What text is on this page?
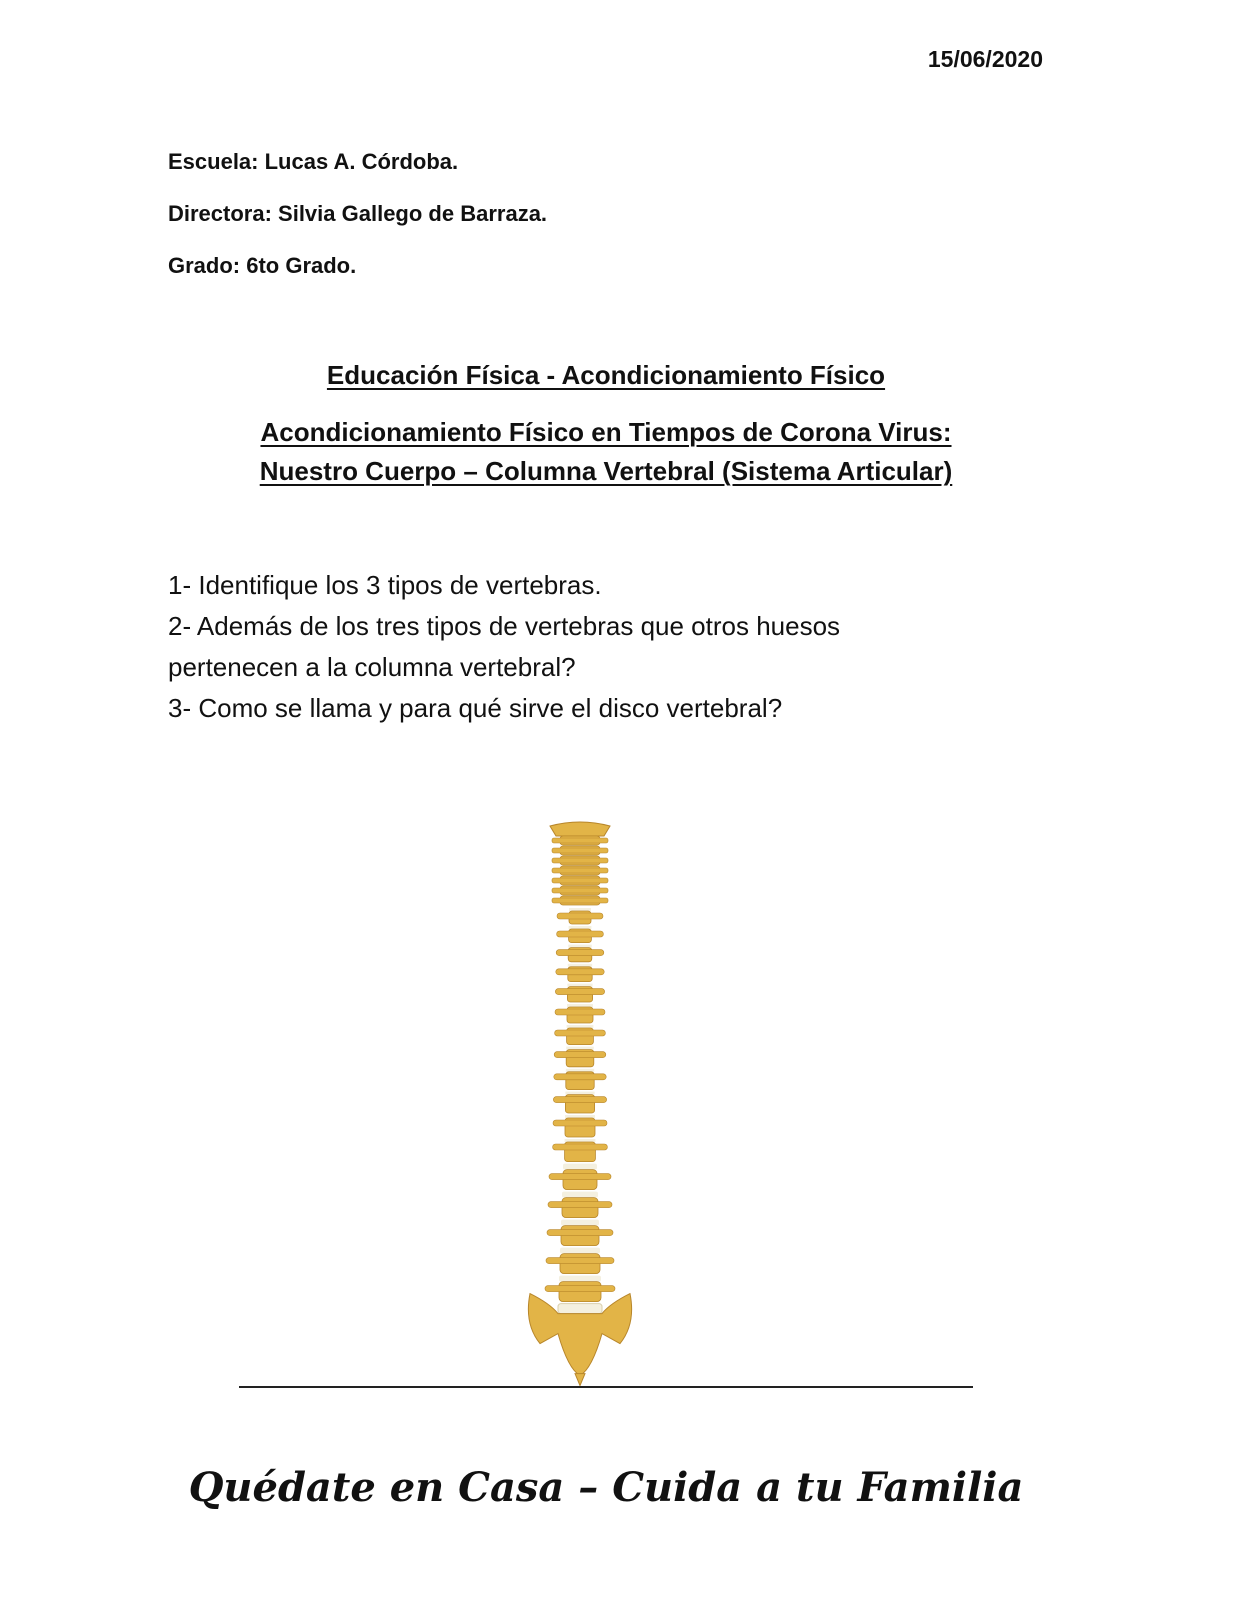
15/06/2020
Escuela: Lucas A. Córdoba.
Directora: Silvia Gallego de Barraza.
Grado: 6to Grado.
Educación Física - Acondicionamiento Físico
Acondicionamiento Físico en Tiempos de Corona Virus:
Nuestro Cuerpo – Columna Vertebral (Sistema Articular)
1- Identifique los 3 tipos de vertebras.
2- Además de los tres tipos de vertebras que otros huesos pertenecen a la columna vertebral?
3- Como se llama y para qué sirve el disco vertebral?
Quédate en Casa – Cuida a tu Familia
